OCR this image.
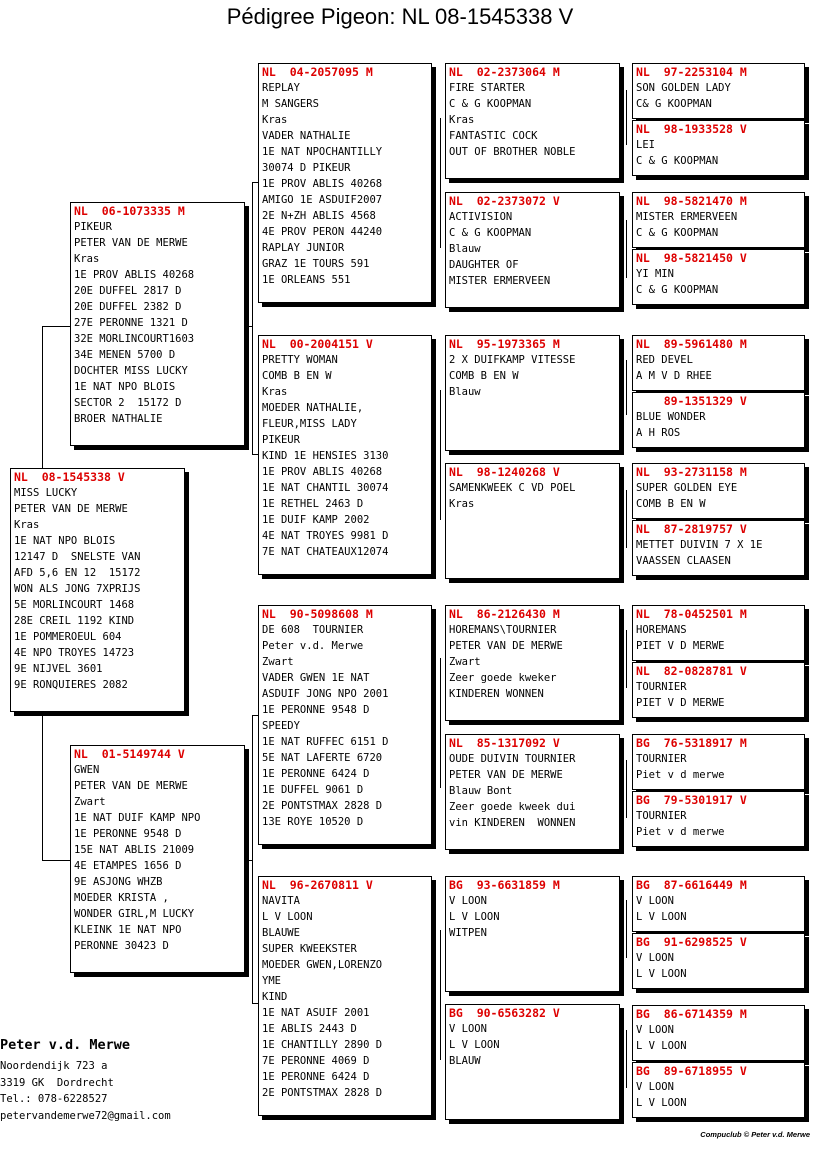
Pédigree Pigeon: NL 08-1545338 V
NL  08-1545338 V
MISS LUCKY
PETER VAN DE MERWE
Kras
1E NAT NPO BLOIS
12147 D  SNELSTE VAN
AFD 5,6 EN 12  15172
WON ALS JONG 7XPRIJS
5E MORLINCOURT 1468
28E CREIL 1192 KIND
1E POMMEROEUL 604
4E NPO TROYES 14723
9E NIJVEL 3601
9E RONQUIERES 2082
NL  06-1073335 M
PIKEUR
PETER VAN DE MERWE
Kras
1E PROV ABLIS 40268
20E DUFFEL 2817 D
20E DUFFEL 2382 D
27E PERONNE 1321 D
32E MORLINCOURT1603
34E MENEN 5700 D
DOCHTER MISS LUCKY
1E NAT NPO BLOIS
SECTOR 2  15172 D
BROER NATHALIE
NL  01-5149744 V
GWEN
PETER VAN DE MERWE
Zwart
1E NAT DUIF KAMP NPO
1E PERONNE 9548 D
15E NAT ABLIS 21009
4E ETAMPES 1656 D
9E ASJONG WHZB
MOEDER KRISTA ,
WONDER GIRL,M LUCKY
KLEINK 1E NAT NPO
PERONNE 30423 D
NL  04-2057095 M
REPLAY
M SANGERS
Kras
VADER NATHALIE
1E NAT NPOCHANTILLY
30074 D PIKEUR
1E PROV ABLIS 40268
AMIGO 1E ASDUIF2007
2E N+ZH ABLIS 4568
4E PROV PERON 44240
RAPLAY JUNIOR
GRAZ 1E TOURS 591
1E ORLEANS 551
NL  00-2004151 V
PRETTY WOMAN
COMB B EN W
Kras
MOEDER NATHALIE,
FLEUR,MISS LADY
PIKEUR
KIND 1E HENSIES 3130
1E PROV ABLIS 40268
1E NAT CHANTIL 30074
1E RETHEL 2463 D
1E DUIF KAMP 2002
4E NAT TROYES 9981 D
7E NAT CHATEAUX12074
NL  90-5098608 M
DE 608  TOURNIER
Peter v.d. Merwe
Zwart
VADER GWEN 1E NAT
ASDUIF JONG NPO 2001
1E PERONNE 9548 D
SPEEDY
1E NAT RUFFEC 6151 D
5E NAT LAFERTE 6720
1E PERONNE 6424 D
1E DUFFEL 9061 D
2E PONTSTMAX 2828 D
13E ROYE 10520 D
NL  96-2670811 V
NAVITA
L V LOON
BLAUWE
SUPER KWEEKSTER
MOEDER GWEN,LORENZO
YME
KIND
1E NAT ASUIF 2001
1E ABLIS 2443 D
1E CHANTILLY 2890 D
7E PERONNE 4069 D
1E PERONNE 6424 D
2E PONTSTMAX 2828 D
NL  02-2373064 M
FIRE STARTER
C & G KOOPMAN
Kras
FANTASTIC COCK
OUT OF BROTHER NOBLE
NL  02-2373072 V
ACTIVISION
C & G KOOPMAN
Blauw
DAUGHTER OF
MISTER ERMERVEEN
NL  95-1973365 M
2 X DUIFKAMP VITESSE
COMB B EN W
Blauw
NL  98-1240268 V
SAMENKWEEK C VD POEL
Kras
NL  86-2126430 M
HOREMANS\TOURNIER
PETER VAN DE MERWE
Zwart
Zeer goede kweker
KINDEREN WONNEN
NL  85-1317092 V
OUDE DUIVIN TOURNIER
PETER VAN DE MERWE
Blauw Bont
Zeer goede kweek dui
vin KINDEREN  WONNEN
BG  93-6631859 M
V LOON
L V LOON
WITPEN
BG  90-6563282 V
V LOON
L V LOON
BLAUW
NL  97-2253104 M
SON GOLDEN LADY
C& G KOOPMAN
NL  98-1933528 V
LEI
C & G KOOPMAN
NL  98-5821470 M
MISTER ERMERVEEN
C & G KOOPMAN
NL  98-5821450 V
YI MIN
C & G KOOPMAN
NL  89-5961480 M
RED DEVEL
A M V D RHEE
89-1351329 V
BLUE WONDER
A H ROS
NL  93-2731158 M
SUPER GOLDEN EYE
COMB B EN W
NL  87-2819757 V
METTET DUIVIN 7 X 1E
VAASSEN CLAASEN
NL  78-0452501 M
HOREMANS
PIET V D MERWE
NL  82-0828781 V
TOURNIER
PIET V D MERWE
BG  76-5318917 M
TOURNIER
Piet v d merwe
BG  79-5301917 V
TOURNIER
Piet v d merwe
BG  87-6616449 M
V LOON
L V LOON
BG  91-6298525 V
V LOON
L V LOON
BG  86-6714359 M
V LOON
L V LOON
BG  89-6718955 V
V LOON
L V LOON
Peter v.d. Merwe
Noordendijk 723 a
3319 GK  Dordrecht
Tel.: 078-6228527
petervandemerwe72@gmail.com
Compuclub © Peter v.d. Merwe
